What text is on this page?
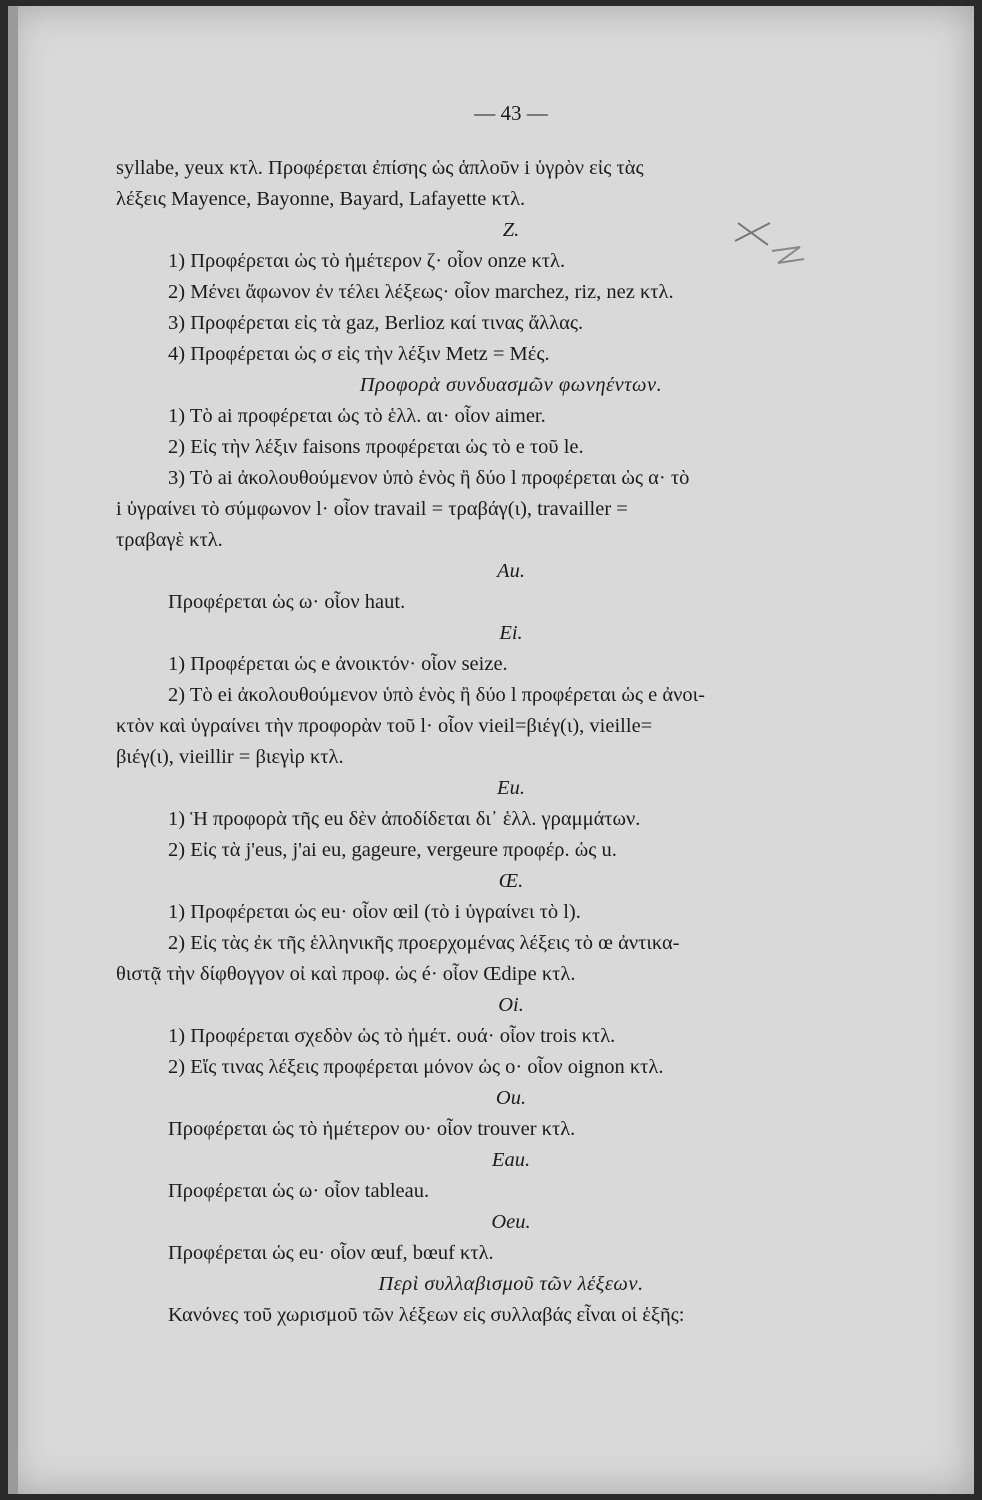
— 43 —
syllabe, yeux κτλ. Προφέρεται ἐπίσης ὡς ἁπλοῦν i ὑγρὸν εἰς τὰς
λέξεις Mayence, Bayonne, Bayard, Lafayette κτλ.
Z.
1) Προφέρεται ὡς τὸ ἡμέτερον ζ· οἷον onze κτλ.
2) Μένει ἄφωνον ἐν τέλει λέξεως· οἷον marchez, riz, nez κτλ.
3) Προφέρεται εἰς τὰ gaz, Berlioz καί τινας ἄλλας.
4) Προφέρεται ὡς σ εἰς τὴν λέξιν Metz = Μές.
Προφορὰ συνδυασμῶν φωνηέντων.
1) Τὸ ai προφέρεται ὡς τὸ ἑλλ. αι· οἷον aimer.
2) Εἰς τὴν λέξιν faisons προφέρεται ὡς τὸ e τοῦ le.
3) Τὸ ai ἀκολουθούμενον ὑπὸ ἑνὸς ἢ δύο l προφέρεται ὡς α· τὸ
i ὑγραίνει τὸ σύμφωνον l· οἷον travail = τραβάγ(ι), travailler =
τραβαγὲ κτλ.
Au.
Προφέρεται ὡς ω· οἷον haut.
Ei.
1) Προφέρεται ὡς e ἀνοικτόν· οἷον seize.
2) Τὸ ei ἀκολουθούμενον ὑπὸ ἑνὸς ἢ δύο l προφέρεται ὡς e ἀνοι-
κτὸν καὶ ὑγραίνει τὴν προφορὰν τοῦ l· οἷον vieil=βιέγ(ι), vieille=
βιέγ(ι), vieillir = βιεγὶρ κτλ.
Eu.
1) Ἡ προφορὰ τῆς eu δὲν ἀποδίδεται δι᾽ ἑλλ. γραμμάτων.
2) Εἰς τὰ j'eus, j'ai eu, gageure, vergeure προφέρ. ὡς u.
Œ.
1) Προφέρεται ὡς eu· οἷον œil (τὸ i ὑγραίνει τὸ l).
2) Εἰς τὰς ἐκ τῆς ἑλληνικῆς προερχομένας λέξεις τὸ œ ἀντικα-
θιστᾷ τὴν δίφθογγον οἰ καὶ προφ. ὡς é· οἷον Œdipe κτλ.
Oi.
1) Προφέρεται σχεδὸν ὡς τὸ ἡμέτ. ουά· οἷον trois κτλ.
2) Εἴς τινας λέξεις προφέρεται μόνον ὡς ο· οἷον oignon κτλ.
Ou.
Προφέρεται ὡς τὸ ἡμέτερον ου· οἷον trouver κτλ.
Eau.
Προφέρεται ὡς ω· οἷον tableau.
Oeu.
Προφέρεται ὡς eu· οἷον œuf, bœuf κτλ.
Περὶ συλλαβισμοῦ τῶν λέξεων.
Κανόνες τοῦ χωρισμοῦ τῶν λέξεων εἰς συλλαβάς εἶναι οἱ ἑξῆς:
